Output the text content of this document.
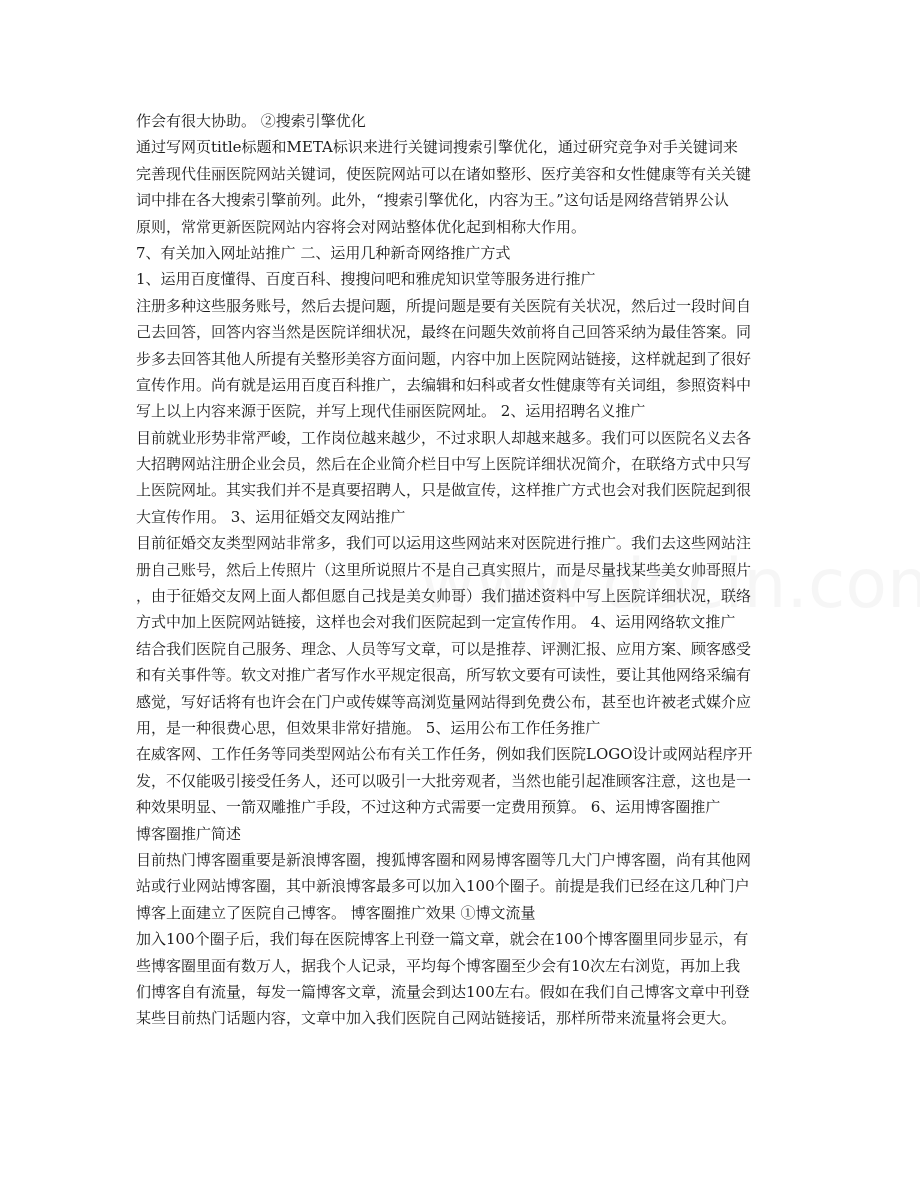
作会有很大协助。 ②搜索引擎优化
通过写网页title标题和META标识来进行关键词搜索引擎优化，通过研究竞争对手关键词来
完善现代佳丽医院网站关键词，使医院网站可以在诸如整形、医疗美容和女性健康等有关关键
词中排在各大搜索引擎前列。此外，“搜索引擎优化，内容为王。”这句话是网络营销界公认
原则，常常更新医院网站内容将会对网站整体优化起到相称大作用。
7、有关加入网址站推广 二、运用几种新奇网络推广方式
1、运用百度懂得、百度百科、搜搜问吧和雅虎知识堂等服务进行推广
注册多种这些服务账号，然后去提问题，所提问题是要有关医院有关状况，然后过一段时间自
己去回答，回答内容当然是医院详细状况，最终在问题失效前将自己回答采纳为最佳答案。同
步多去回答其他人所提有关整形美容方面问题，内容中加上医院网站链接，这样就起到了很好
宣传作用。尚有就是运用百度百科推广，去编辑和妇科或者女性健康等有关词组，参照资料中
写上以上内容来源于医院，并写上现代佳丽医院网址。 2、运用招聘名义推广
目前就业形势非常严峻，工作岗位越来越少，不过求职人却越来越多。我们可以医院名义去各
大招聘网站注册企业会员，然后在企业简介栏目中写上医院详细状况简介，在联络方式中只写
上医院网址。其实我们并不是真要招聘人，只是做宣传，这样推广方式也会对我们医院起到很
大宣传作用。 3、运用征婚交友网站推广
目前征婚交友类型网站非常多，我们可以运用这些网站来对医院进行推广。我们去这些网站注
册自己账号，然后上传照片（这里所说照片不是自己真实照片，而是尽量找某些美女帅哥照片
，由于征婚交友网上面人都但愿自己找是美女帅哥）我们描述资料中写上医院详细状况，联络
方式中加上医院网站链接，这样也会对我们医院起到一定宣传作用。 4、运用网络软文推广
结合我们医院自己服务、理念、人员等写文章，可以是推荐、评测汇报、应用方案、顾客感受
和有关事件等。软文对推广者写作水平规定很高，所写软文要有可读性，要让其他网络采编有
感觉，写好话将有也许会在门户或传媒等高浏览量网站得到免费公布，甚至也许被老式媒介应
用，是一种很费心思，但效果非常好措施。 5、运用公布工作任务推广
在威客网、工作任务等同类型网站公布有关工作任务，例如我们医院LOGO设计或网站程序开
发，不仅能吸引接受任务人，还可以吸引一大批旁观者，当然也能引起准顾客注意，这也是一
种效果明显、一箭双雕推广手段，不过这种方式需要一定费用预算。 6、运用博客圈推广
博客圈推广简述
目前热门博客圈重要是新浪博客圈，搜狐博客圈和网易博客圈等几大门户博客圈，尚有其他网
站或行业网站博客圈，其中新浪博客最多可以加入100个圈子。前提是我们已经在这几种门户
博客上面建立了医院自己博客。 博客圈推广效果 ①博文流量
加入100个圈子后，我们每在医院博客上刊登一篇文章，就会在100个博客圈里同步显示，有
些博客圈里面有数万人，据我个人记录，平均每个博客圈至少会有10次左右浏览，再加上我
们博客自有流量，每发一篇博客文章，流量会到达100左右。假如在我们自己博客文章中刊登
某些目前热门话题内容，文章中加入我们医院自己网站链接话，那样所带来流量将会更大。
